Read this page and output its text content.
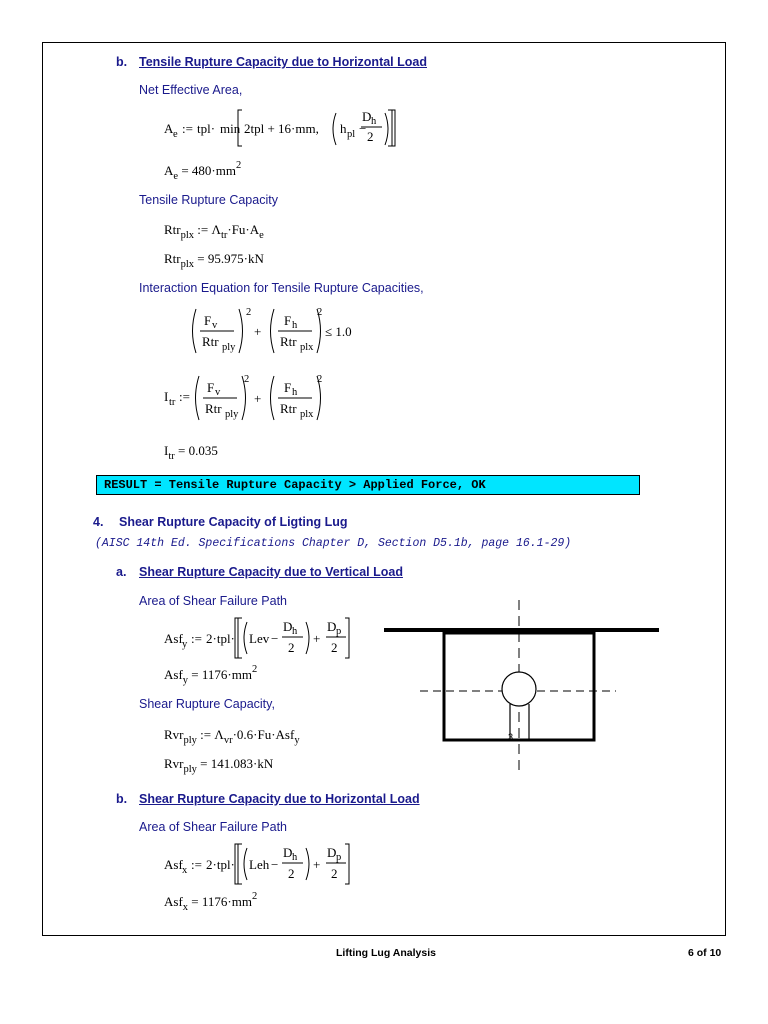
b. Tensile Rupture Capacity due to Horizontal Load
Net Effective Area,
A e := tpl· min 2tpl + 16·mm, h pl −
D h
2
$A_e = 480\cdot mm^2$
Tensile Rupture Capacity
Rtr$_{plx}$ := $\Lambda_{tr}\cdot Fu\cdot A_e$
Rtr$_{plx}$ = 95.975·kN
Interaction Equation for Tensile Rupture Capacities,
F v
Rtr ply
2
+
F h
Rtr plx
2
≤ 1.0
I tr :=
F v
Rtr ply
2
+
F h
Rtr plx
2
$I_{tr} = 0.035$
RESULT = Tensile Rupture Capacity > Applied Force, OK
4. Shear Rupture Capacity of Ligting Lug
(AISC 14th Ed. Specifications Chapter D, Section D5.1b, page 16.1-29)
a. Shear Rupture Capacity due to Vertical Load
Area of Shear Failure Path
Asf y := 2·tpl· Lev −
D h
2
+
D p
2
$Asf_y = 1176\cdot mm^2$
Shear Rupture Capacity,
Rvr$_{ply}$ := $\Lambda_{vr}\cdot 0.6\cdot Fu\cdot Asf_y$
Rvr$_{ply}$ = 141.083·kN
3
b. Shear Rupture Capacity due to Horizontal Load
Area of Shear Failure Path
Asf x := 2·tpl· Leh −
D h
2
+
D p
2
$Asf_x = 1176\cdot mm^2$
Lifting Lug Analysis	6 of 10
